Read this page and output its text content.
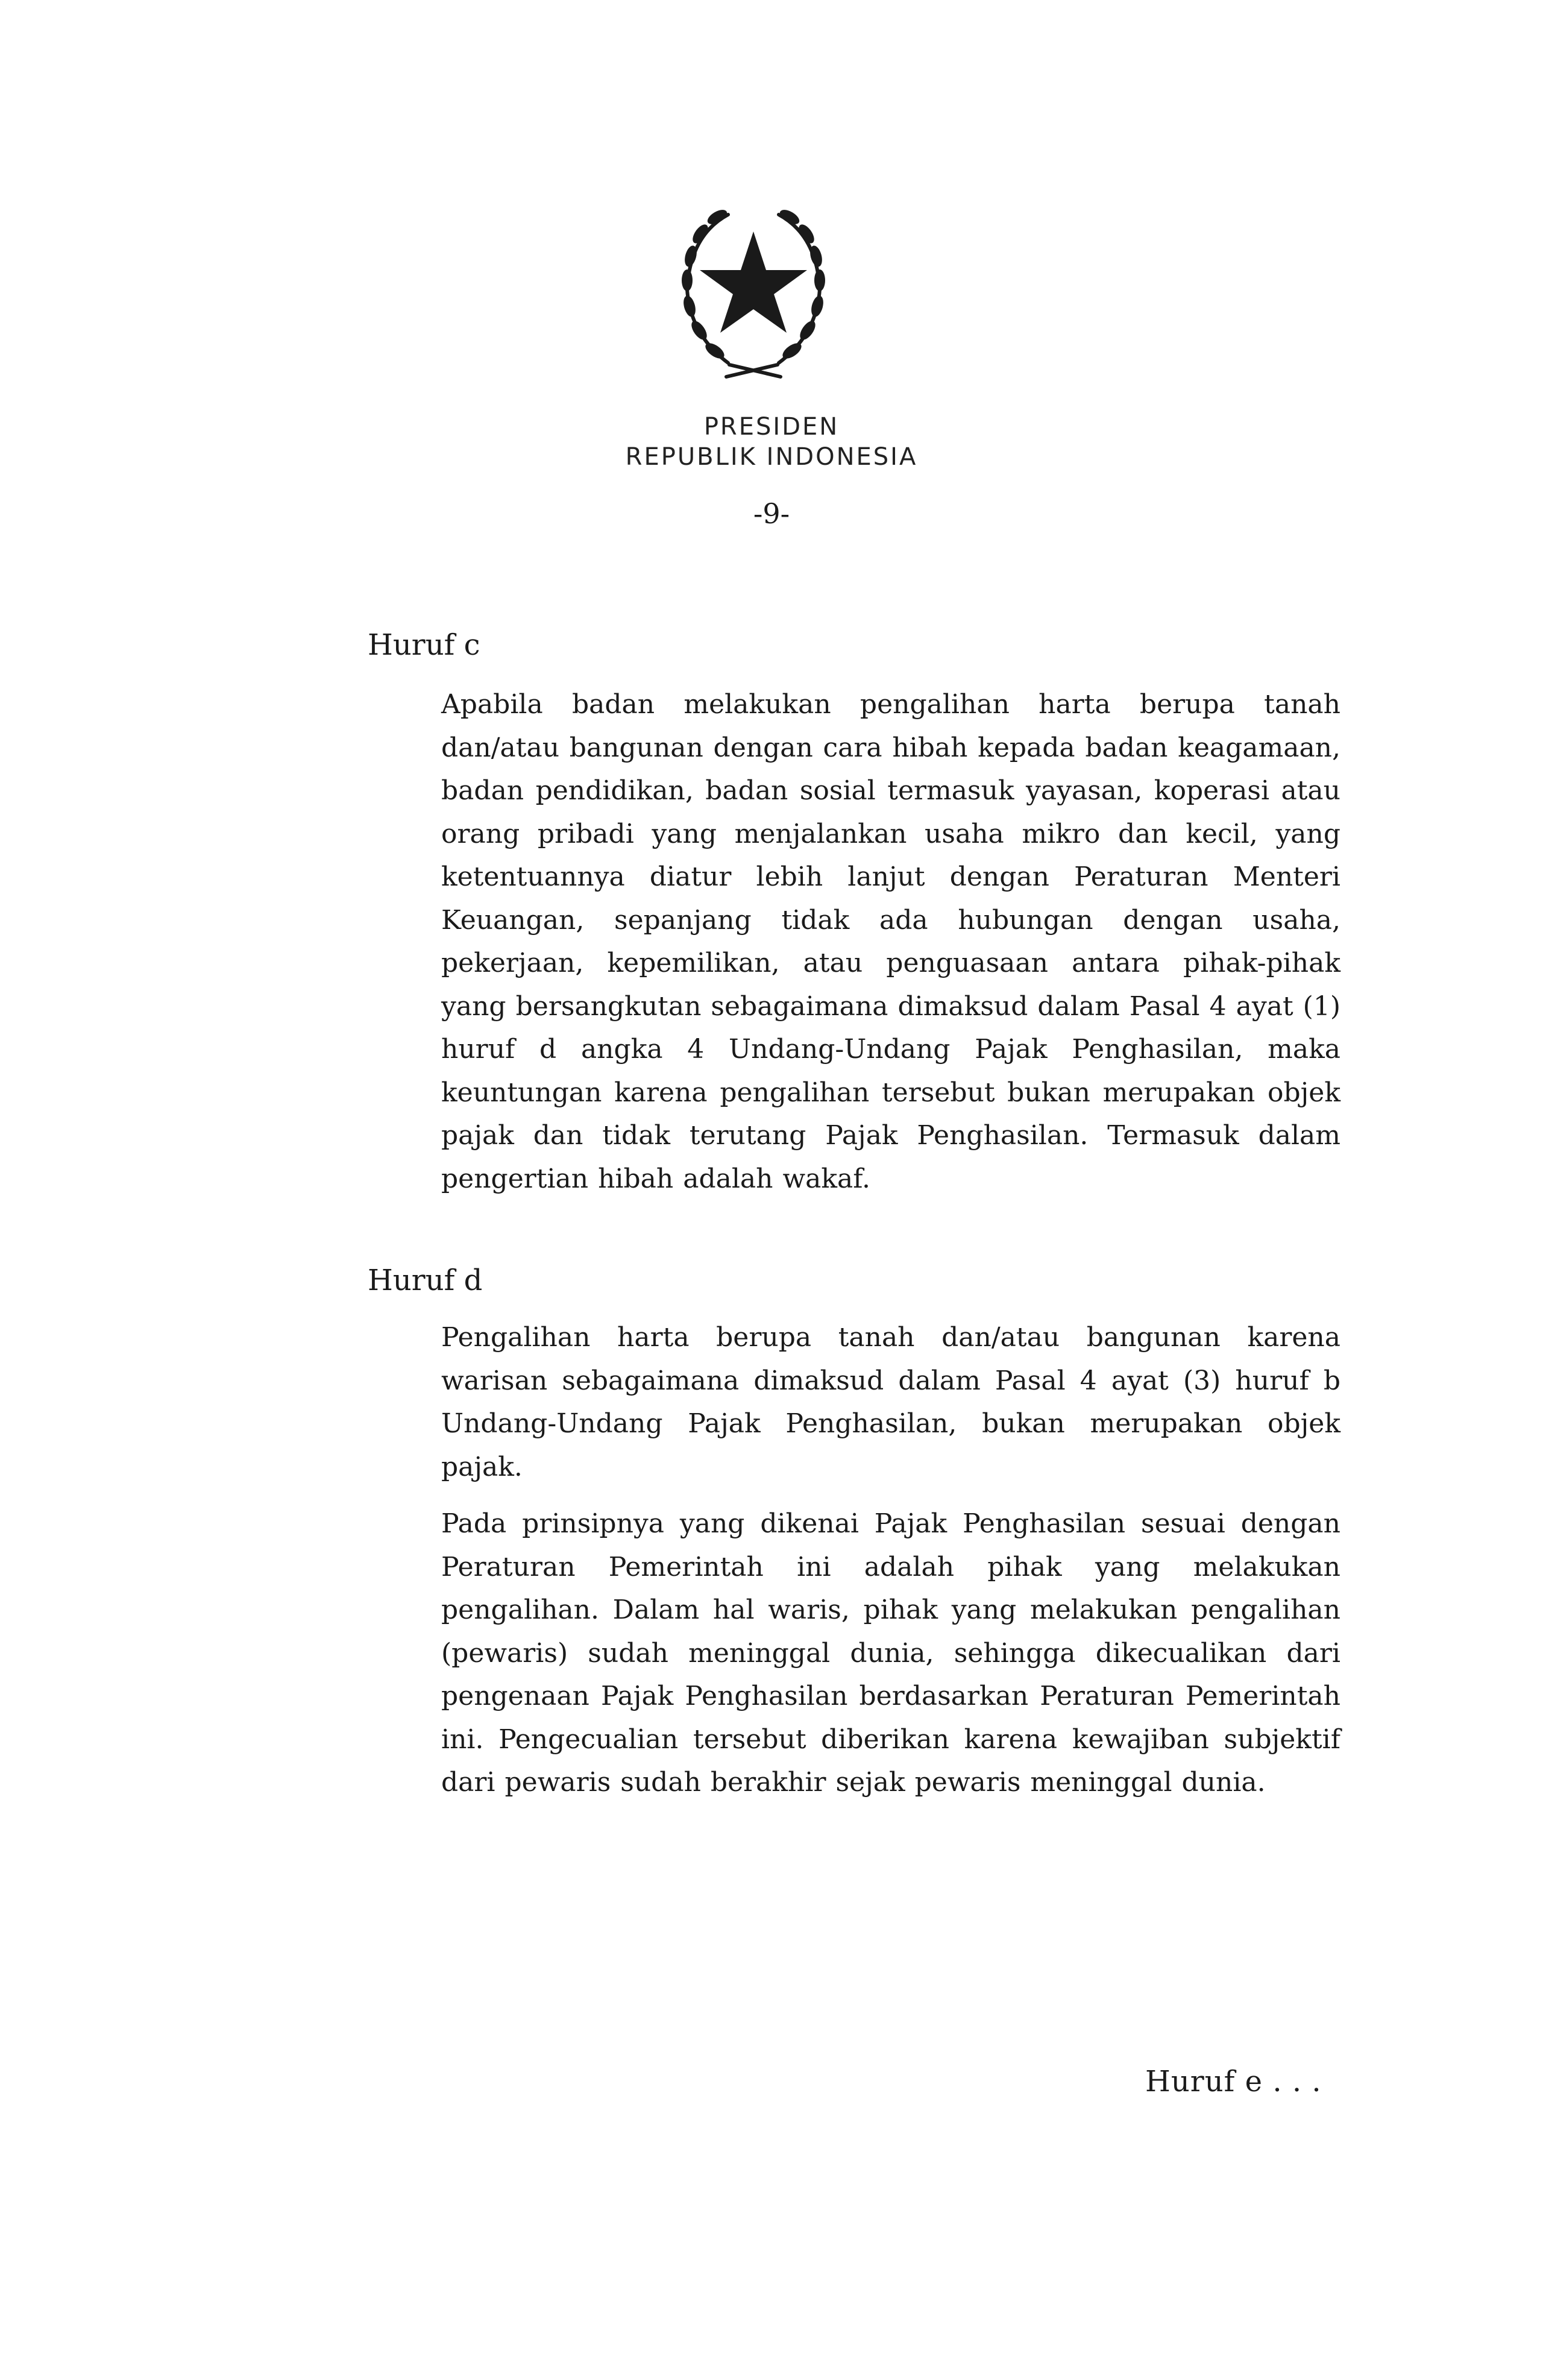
PRESIDEN
REPUBLIK INDONESIA
-9-
Huruf c

Apabila badan melakukan pengalihan harta berupa tanah dan/atau bangunan dengan cara hibah kepada badan keagamaan, badan pendidikan, badan sosial termasuk yayasan, koperasi atau orang pribadi yang menjalankan usaha mikro dan kecil, yang ketentuannya diatur lebih lanjut dengan Peraturan Menteri Keuangan, sepanjang tidak ada hubungan dengan usaha, pekerjaan, kepemilikan, atau penguasaan antara pihak-pihak yang bersangkutan sebagaimana dimaksud dalam Pasal 4 ayat (1) huruf d angka 4 Undang-Undang Pajak Penghasilan, maka keuntungan karena pengalihan tersebut bukan merupakan objek pajak dan tidak terutang Pajak Penghasilan. Termasuk dalam pengertian hibah adalah wakaf.

Huruf d

Pengalihan harta berupa tanah dan/atau bangunan karena warisan sebagaimana dimaksud dalam Pasal 4 ayat (3) huruf b Undang-Undang Pajak Penghasilan, bukan merupakan objek pajak.

Pada prinsipnya yang dikenai Pajak Penghasilan sesuai dengan Peraturan Pemerintah ini adalah pihak yang melakukan pengalihan. Dalam hal waris, pihak yang melakukan pengalihan (pewaris) sudah meninggal dunia, sehingga dikecualikan dari pengenaan Pajak Penghasilan berdasarkan Peraturan Pemerintah ini. Pengecualian tersebut diberikan karena kewajiban subjektif dari pewaris sudah berakhir sejak pewaris meninggal dunia.

Huruf e . . .
